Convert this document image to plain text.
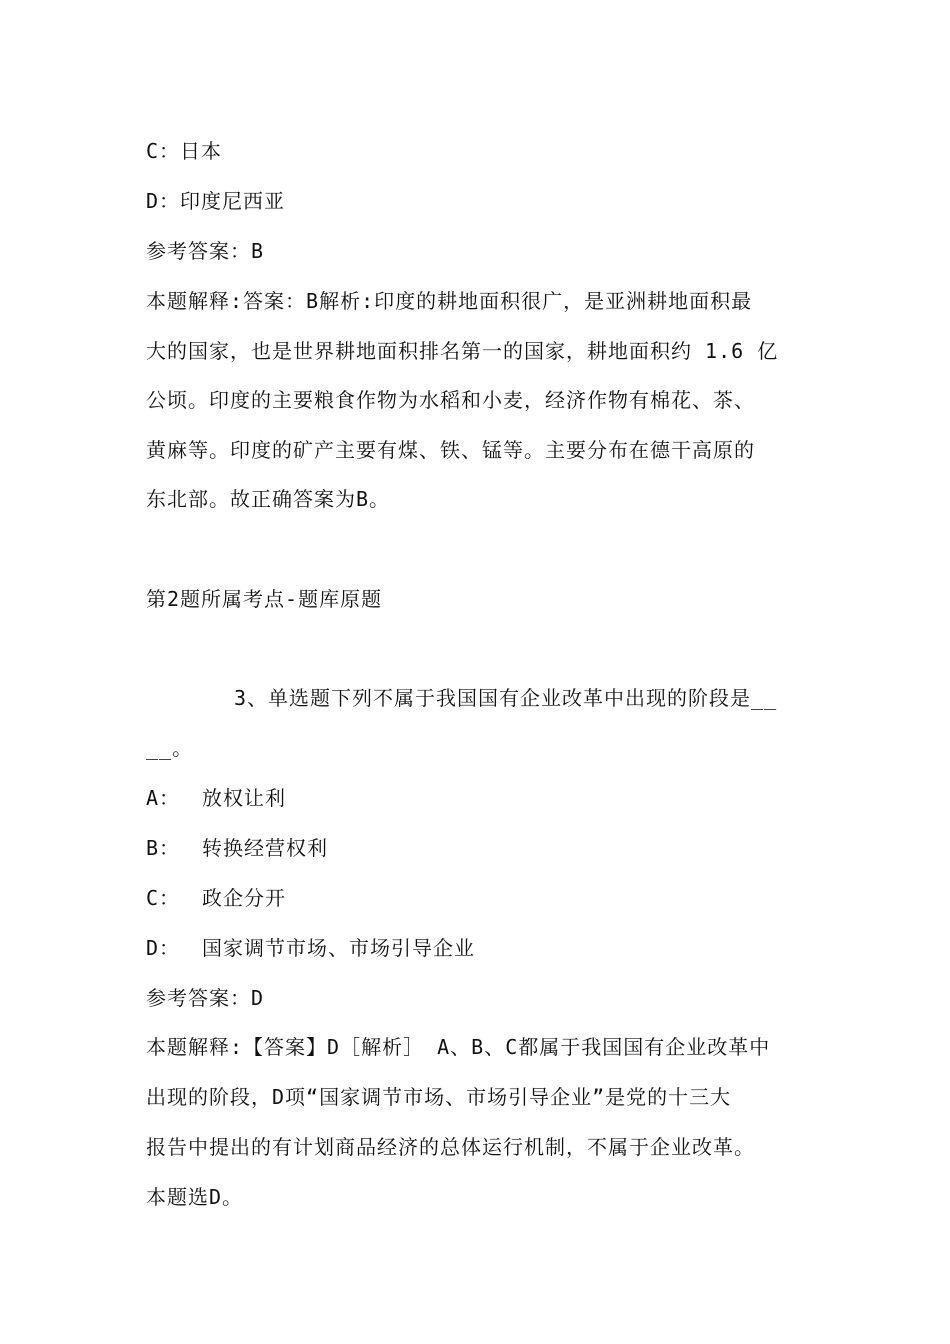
C：日本
D：印度尼西亚
参考答案：B
本题解释:答案：B解析:印度的耕地面积很广，是亚洲耕地面积最
大的国家，也是世界耕地面积排名第一的国家，耕地面积约 1.6 亿
公顷。印度的主要粮食作物为水稻和小麦，经济作物有棉花、茶、
黄麻等。印度的矿产主要有煤、铁、锰等。主要分布在德干高原的
东北部。故正确答案为B。
第2题所属考点-题库原题
3、单选题下列不属于我国国有企业改革中出现的阶段是__
__。
A： 放权让利
B： 转换经营权利
C： 政企分开
D： 国家调节市场、市场引导企业
参考答案：D
本题解释:【答案】D［解析］ A、B、C都属于我国国有企业改革中
出现的阶段，D项“国家调节市场、市场引导企业”是党的十三大
报告中提出的有计划商品经济的总体运行机制，不属于企业改革。
本题选D。
